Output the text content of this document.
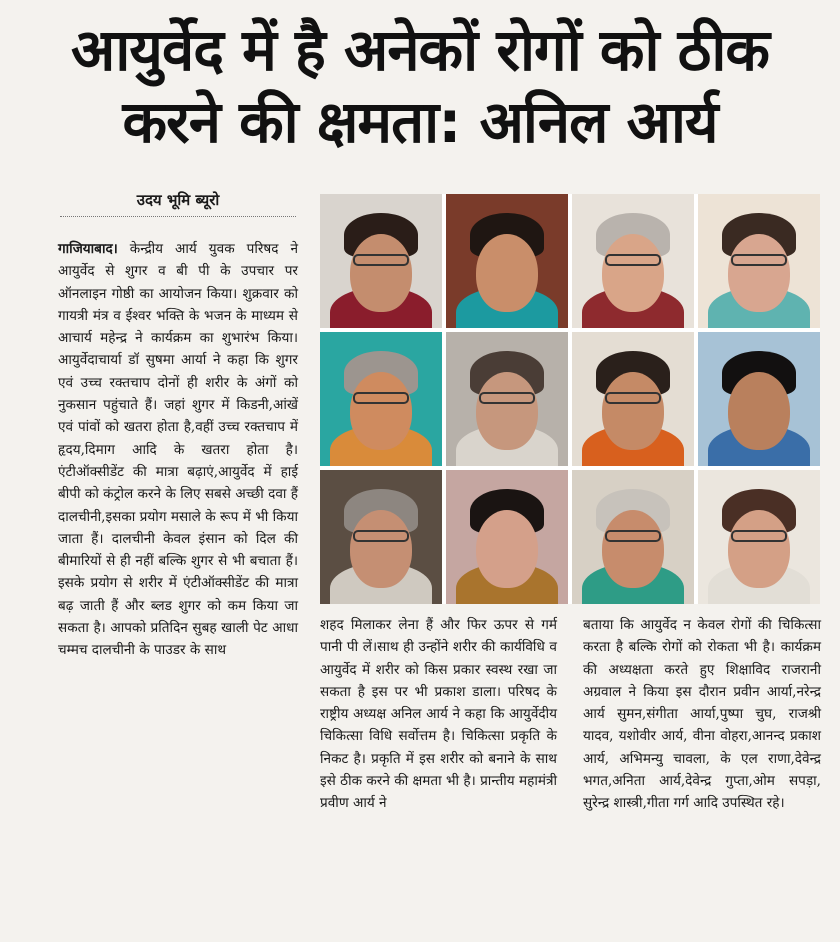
आयुर्वेद में है अनेकों रोगों को ठीक
करने की क्षमता: अनिल आर्य
उदय भूमि ब्यूरो
गाजियाबाद। केन्द्रीय आर्य युवक परिषद ने आयुर्वेद से शुगर व बी पी के उपचार पर ऑनलाइन गोष्ठी का आयोजन किया। शुक्रवार को गायत्री मंत्र व ईश्वर भक्ति के भजन के माध्यम से आचार्य महेन्द्र ने कार्यक्रम का शुभारंभ किया। आयुर्वेदाचार्या डॉ सुषमा आर्या ने कहा कि शुगर एवं उच्च रक्तचाप दोनों ही शरीर के अंगों को नुकसान पहुंचाते हैं। जहां शुगर में किडनी,आंखें एवं पांवों को खतरा होता है,वहीं उच्च रक्तचाप में हृदय,दिमाग आदि के खतरा होता है। एंटीऑक्सीडेंट की मात्रा बढ़ाएं,आयुर्वेद में हाई बीपी को कंट्रोल करने के लिए सबसे अच्छी दवा हैं दालचीनी,इसका प्रयोग मसाले के रूप में भी किया जाता हैं। दालचीनी केवल इंसान को दिल की बीमारियों से ही नहीं बल्कि शुगर से भी बचाता हैं। इसके प्रयोग से शरीर में एंटीऑक्सीडेंट की मात्रा बढ़ जाती हैं और ब्लड शुगर को कम किया जा सकता है। आपको प्रतिदिन सुबह खाली पेट आधा चम्मच दालचीनी के पाउडर के साथ
शहद मिलाकर लेना हैं और फिर ऊपर से गर्म पानी पी लें।साथ ही उन्होंने शरीर की कार्यविधि व आयुर्वेद में शरीर को किस प्रकार स्वस्थ रखा जा सकता है इस पर भी प्रकाश डाला। परिषद के राष्ट्रीय अध्यक्ष अनिल आर्य ने कहा कि आयुर्वेदीय चिकित्सा विधि सर्वोत्तम है। चिकित्सा प्रकृति के निकट है। प्रकृति में इस शरीर को बनाने के साथ इसे ठीक करने की क्षमता भी है। प्रान्तीय महामंत्री प्रवीण आर्य ने
बताया कि आयुर्वेद न केवल रोगों की चिकित्सा करता है बल्कि रोगों को रोकता भी है। कार्यक्रम की अध्यक्षता करते हुए शिक्षाविद राजरानी अग्रवाल ने किया इस दौरान प्रवीन आर्या,नरेन्द्र आर्य सुमन,संगीता आर्या,पुष्पा चुघ, राजश्री यादव, यशोवीर आर्य, वीना वोहरा,आनन्द प्रकाश आर्य, अभिमन्यु चावला, के एल राणा,देवेन्द्र भगत,अनिता आर्य,देवेन्द्र गुप्ता,ओम सपड़ा, सुरेन्द्र शास्त्री,गीता गर्ग आदि उपस्थित रहे।
